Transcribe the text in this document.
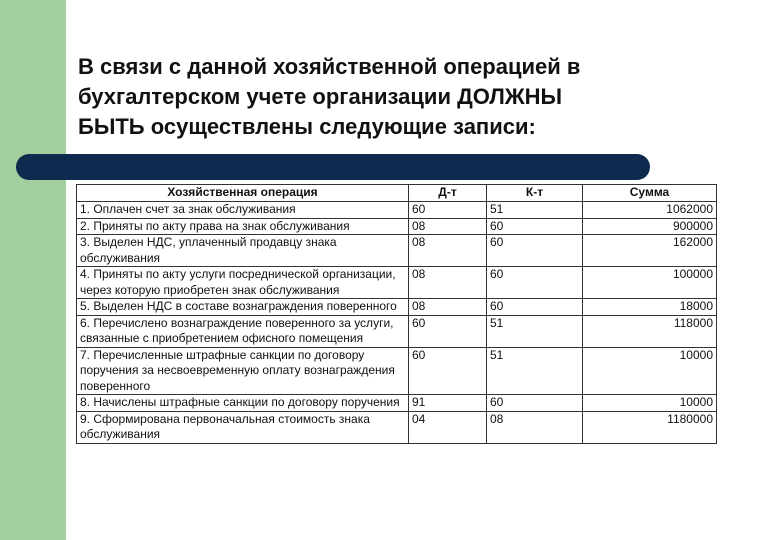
В связи с данной хозяйственной операцией в
бухгалтерском учете организации ДОЛЖНЫ
БЫТЬ осуществлены следующие записи:
Хозяйственная операция	Д-т	К-т	Сумма
1. Оплачен счет за знак обслуживания	60	51	1062000
2. Приняты по акту права на знак обслуживания	08	60	900000
3. Выделен НДС, уплаченный продавцу знака обслуживания	08	60	162000
4. Приняты по акту услуги посреднической организации, через которую приобретен знак обслуживания	08	60	100000
5. Выделен НДС в составе вознаграждения поверенного	08	60	18000
6. Перечислено вознаграждение поверенного за услуги, связанные с приобретением офисного помещения	60	51	118000
7. Перечисленные штрафные санкции по договору поручения за несвоевременную оплату вознаграждения поверенного	60	51	10000
8. Начислены штрафные санкции по договору поручения	91	60	10000
9. Сформирована первоначальная стоимость знака обслуживания	04	08	1180000
